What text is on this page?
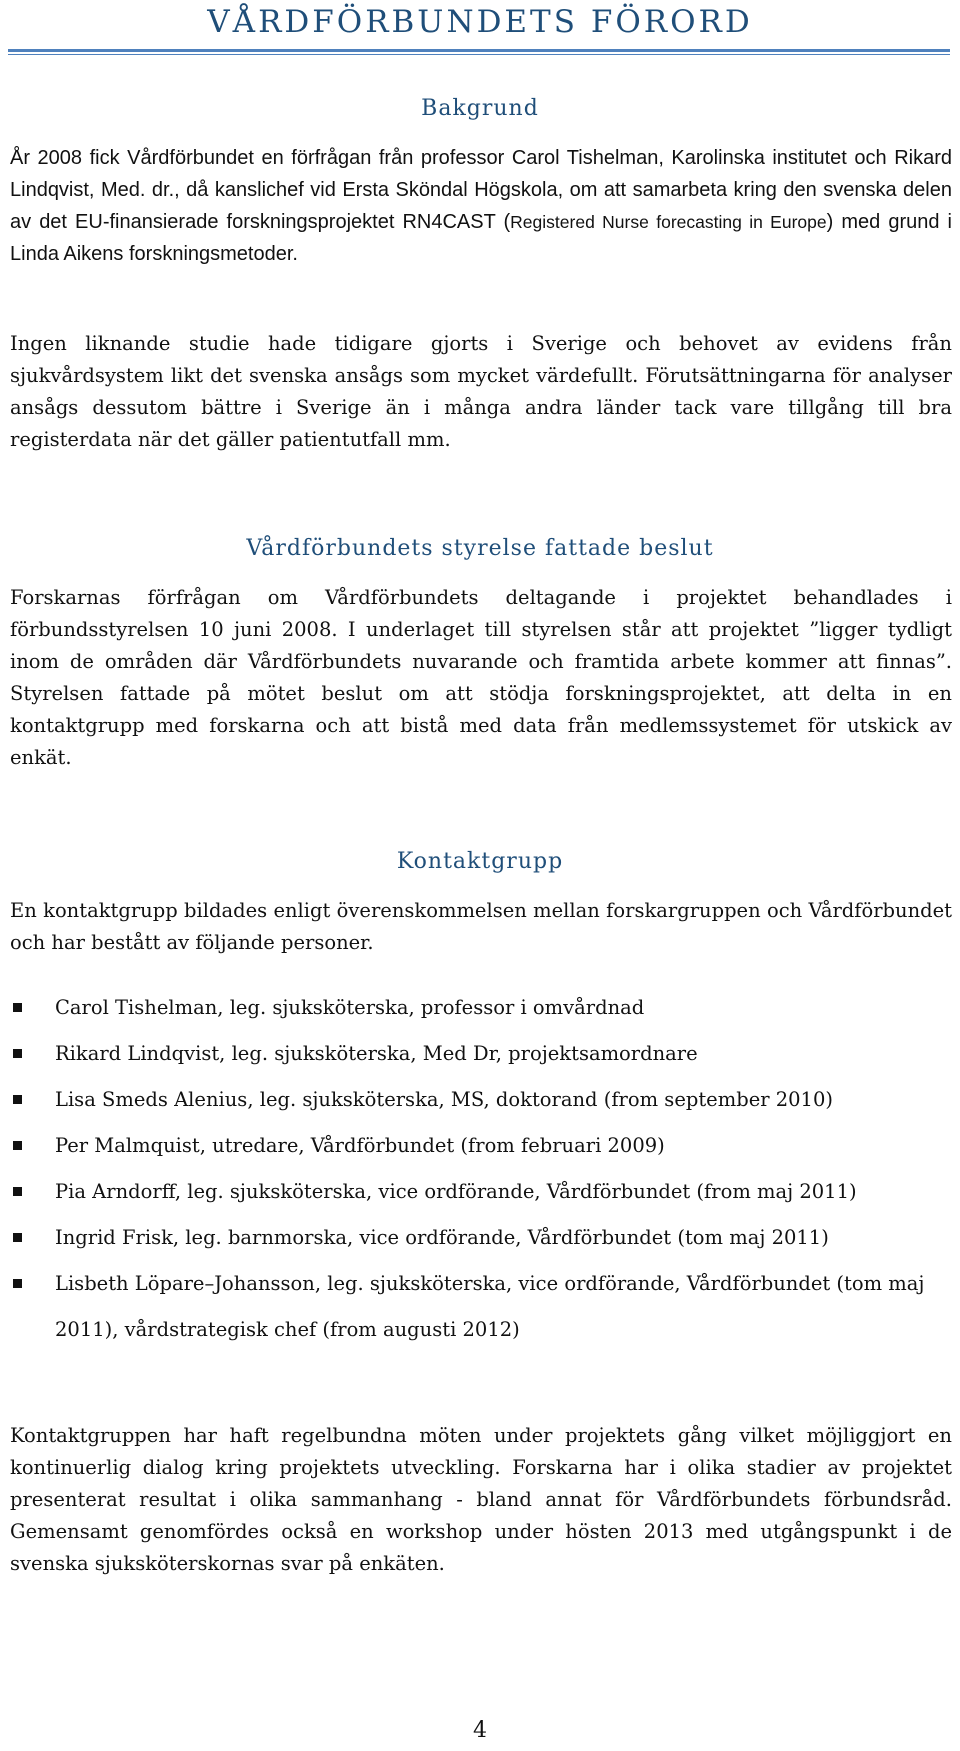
VÅRDFÖRBUNDETS FÖRORD
Bakgrund

År 2008 fick Vårdförbundet en förfrågan från professor Carol Tishelman, Karolinska institutet och Rikard Lindqvist, Med. dr., då kanslichef vid Ersta Sköndal Högskola, om att samarbeta kring den svenska delen av det EU-finansierade forskningsprojektet RN4CAST (Registered Nurse forecasting in Europe) med grund i Linda Aikens forskningsmetoder.

Ingen liknande studie hade tidigare gjorts i Sverige och behovet av evidens från sjukvårdsystem likt det svenska ansågs som mycket värdefullt. Förutsättningarna för analyser ansågs dessutom bättre i Sverige än i många andra länder tack vare tillgång till bra registerdata när det gäller patientutfall mm.

Vårdförbundets styrelse fattade beslut

Forskarnas förfrågan om Vårdförbundets deltagande i projektet behandlades i förbundsstyrelsen 10 juni 2008. I underlaget till styrelsen står att projektet ”ligger tydligt inom de områden där Vårdförbundets nuvarande och framtida arbete kommer att finnas”. Styrelsen fattade på mötet beslut om att stödja forskningsprojektet, att delta in en kontaktgrupp med forskarna och att bistå med data från medlemssystemet för utskick av enkät.

Kontaktgrupp

En kontaktgrupp bildades enligt överenskommelsen mellan forskargruppen och Vårdförbundet och har bestått av följande personer.

Carol Tishelman, leg. sjuksköterska, professor i omvårdnad
Rikard Lindqvist, leg. sjuksköterska, Med Dr, projektsamordnare
Lisa Smeds Alenius, leg. sjuksköterska, MS, doktorand (from september 2010)
Per Malmquist, utredare, Vårdförbundet (from februari 2009)
Pia Arndorff, leg. sjuksköterska, vice ordförande, Vårdförbundet (from maj 2011)
Ingrid Frisk, leg. barnmorska, vice ordförande, Vårdförbundet (tom maj 2011)
Lisbeth Löpare–Johansson, leg. sjuksköterska, vice ordförande, Vårdförbundet (tom maj 2011), vårdstrategisk chef (from augusti 2012)

Kontaktgruppen har haft regelbundna möten under projektets gång vilket möjliggjort en kontinuerlig dialog kring projektets utveckling. Forskarna har i olika stadier av projektet presenterat resultat i olika sammanhang - bland annat för Vårdförbundets förbundsråd. Gemensamt genomfördes också en workshop under hösten 2013 med utgångspunkt i de svenska sjuksköterskornas svar på enkäten.

4
